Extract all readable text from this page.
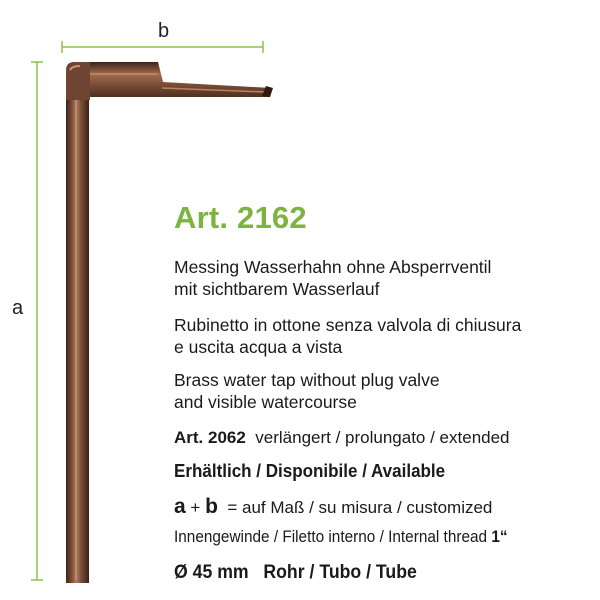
b
a
Art. 2162
Messing Wasserhahn ohne Absperrventil
mit sichtbarem Wasserlauf
Rubinetto in ottone senza valvola di chiusura
e uscita acqua a vista
Brass water tap without plug valve
and visible watercourse
Art. 2062 verlängert / prolungato / extended
Erhältlich / Disponibile / Available
a + b = auf Maß / su misura / customized
Innengewinde / Filetto interno / Internal thread 1“
Ø 45 mm Rohr / Tubo / Tube
